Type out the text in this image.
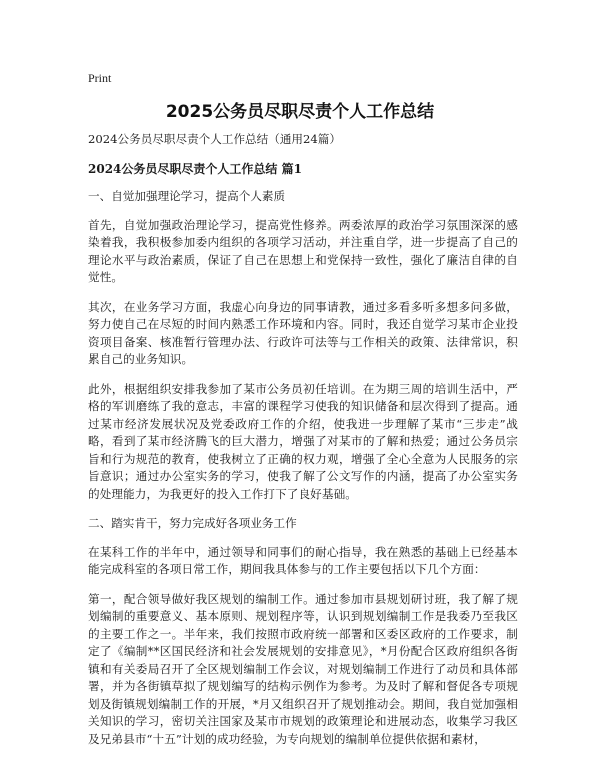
Print
2025公务员尽职尽责个人工作总结
2024公务员尽职尽责个人工作总结（通用24篇）
2024公务员尽职尽责个人工作总结 篇1
一、自觉加强理论学习，提高个人素质
首先，自觉加强政治理论学习，提高党性修养。两委浓厚的政治学习氛围深深的感染着我，我积极参加委内组织的各项学习活动，并注重自学，进一步提高了自己的理论水平与政治素质，保证了自己在思想上和党保持一致性，强化了廉洁自律的自觉性。
其次，在业务学习方面，我虚心向身边的同事请教，通过多看多听多想多问多做，努力使自己在尽短的时间内熟悉工作环境和内容。同时，我还自觉学习某市企业投资项目备案、核准暂行管理办法、行政许可法等与工作相关的政策、法律常识，积累自己的业务知识。
此外，根据组织安排我参加了某市公务员初任培训。在为期三周的培训生活中，严格的军训磨练了我的意志，丰富的课程学习使我的知识储备和层次得到了提高。通过某市经济发展状况及党委政府工作的介绍，使我进一步理解了某市“三步走”战略，看到了某市经济腾飞的巨大潜力，增强了对某市的了解和热爱；通过公务员宗旨和行为规范的教育，使我树立了正确的权力观，增强了全心全意为人民服务的宗旨意识；通过办公室实务的学习，使我了解了公文写作的内涵，提高了办公室实务的处理能力，为我更好的投入工作打下了良好基础。
二、踏实肯干，努力完成好各项业务工作
在某科工作的半年中，通过领导和同事们的耐心指导，我在熟悉的基础上已经基本能完成科室的各项日常工作，期间我具体参与的工作主要包括以下几个方面：
第一，配合领导做好我区规划的编制工作。通过参加市县规划研讨班，我了解了规划编制的重要意义、基本原则、规划程序等，认识到规划编制工作是我委乃至我区的主要工作之一。半年来，我们按照市政府统一部署和区委区政府的工作要求，制定了《编制**区国民经济和社会发展规划的安排意见》，*月份配合区政府组织各街镇和有关委局召开了全区规划编制工作会议，对规划编制工作进行了动员和具体部署，并为各街镇草拟了规划编写的结构示例作为参考。为及时了解和督促各专项规划及街镇规划编制工作的开展，*月又组织召开了规划推动会。期间，我自觉加强相关知识的学习，密切关注国家及某市市规划的政策理论和进展动态，收集学习我区及兄弟县市“十五”计划的成功经验，为专向规划的编制单位提供依据和素材，
